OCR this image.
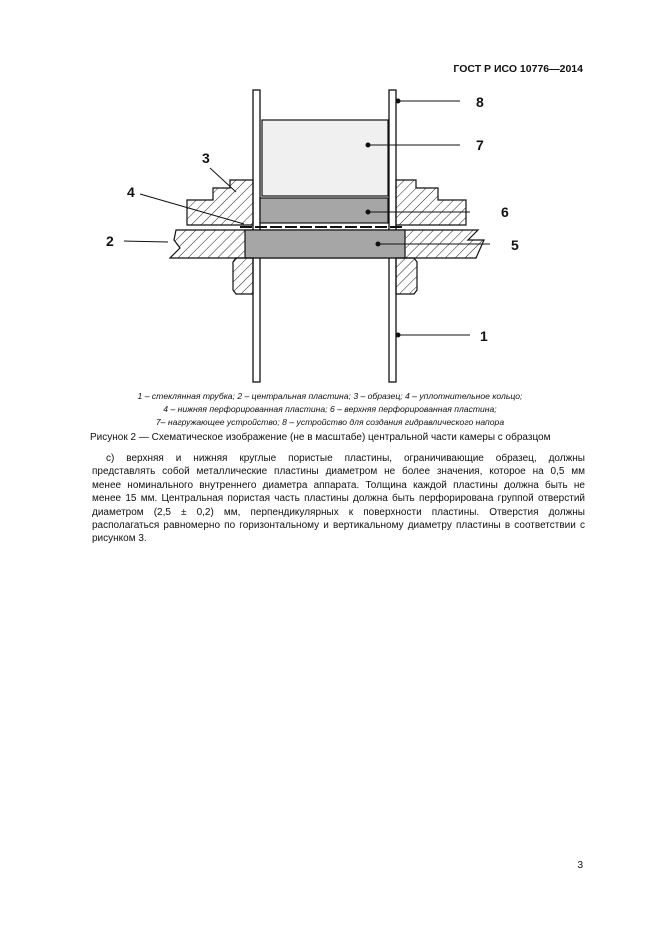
ГОСТ Р ИСО 10776—2014
1
2
3
4
5
6
7
8
1 – стеклянная трубка; 2 – центральная пластина; 3 – образец; 4 – уплотнительное кольцо;
4 – нижняя перфорированная пластина; 6 – верхняя перфорированная пластина;
7– нагружающее устройство; 8 – устройство для создания гидравлического напора
Рисунок 2 — Схематическое изображение (не в масштабе) центральной части камеры с образцом
с) верхняя и нижняя круглые пористые пластины, ограничивающие образец, должны
представлять собой металлические пластины диаметром не более значения, которое на 0,5 мм
менее номинального внутреннего диаметра аппарата. Толщина каждой пластины должна быть не
менее 15 мм. Центральная пористая часть пластины должна быть перфорирована группой отверстий
диаметром (2,5 ± 0,2) мм, перпендикулярных к поверхности пластины. Отверстия должны
располагаться равномерно по горизонтальному и вертикальному диаметру пластины в соответствии с
рисунком 3.
3
